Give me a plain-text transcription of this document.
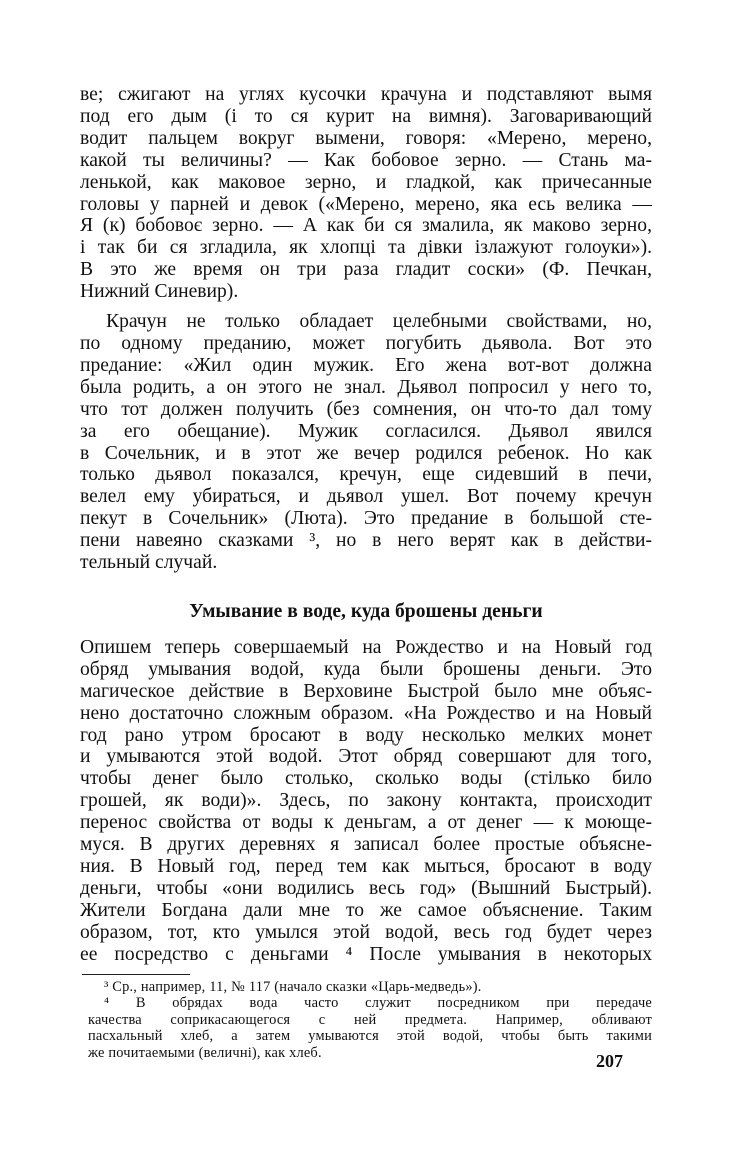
ве; сжигают на углях кусочки крачуна и подставляют вымя
под его дым (і то ся курит на вимня). Заговаривающий
водит пальцем вокруг вымени, говоря: «Мерено, мерено,
какой ты величины? — Как бобовое зерно. — Стань ма-
ленькой, как маковое зерно, и гладкой, как причесанные
головы у парней и девок («Мерено, мерено, яка есь велика —
Я (к) бобовоє зерно. — А как би ся змалила, як маково зерно,
і так би ся згладила, як хлопці та дівки ізлажуют голоуки»).
В это же время он три раза гладит соски» (Ф. Печкан,
Нижний Синевир).
Крачун не только обладает целебными свойствами, но,
по одному преданию, может погубить дьявола. Вот это
предание: «Жил один мужик. Его жена вот-вот должна
была родить, а он этого не знал. Дьявол попросил у него то,
что тот должен получить (без сомнения, он что-то дал тому
за его обещание). Мужик согласился. Дьявол явился
в Сочельник, и в этот же вечер родился ребенок. Но как
только дьявол показался, кречун, еще сидевший в печи,
велел ему убираться, и дьявол ушел. Вот почему кречун
пекут в Сочельник» (Люта). Это предание в большой сте-
пени навеяно сказками ³, но в него верят как в действи-
тельный случай.
Умывание в воде, куда брошены деньги
Опишем теперь совершаемый на Рождество и на Новый год
обряд умывания водой, куда были брошены деньги. Это
магическое действие в Верховине Быстрой было мне объяс-
нено достаточно сложным образом. «На Рождество и на Новый
год рано утром бросают в воду несколько мелких монет
и умываются этой водой. Этот обряд совершают для того,
чтобы денег было столько, сколько воды (стілько било
грошей, як води)». Здесь, по закону контакта, происходит
перенос свойства от воды к деньгам, а от денег — к моюще-
муся. В других деревнях я записал более простые объясне-
ния. В Новый год, перед тем как мыться, бросают в воду
деньги, чтобы «они водились весь год» (Вышний Быстрый).
Жители Богдана дали мне то же самое объяснение. Таким
образом, тот, кто умылся этой водой, весь год будет через
ее посредство с деньгами ⁴ После умывания в некоторых
³ Ср., например, 11, № 117 (начало сказки «Царь-медведь»).
⁴ В обрядах вода часто служит посредником при передаче
качества соприкасающегося с ней предмета. Например, обливают
пасхальный хлеб, а затем умываются этой водой, чтобы быть такими
же почитаемыми (величні), как хлеб.	207
